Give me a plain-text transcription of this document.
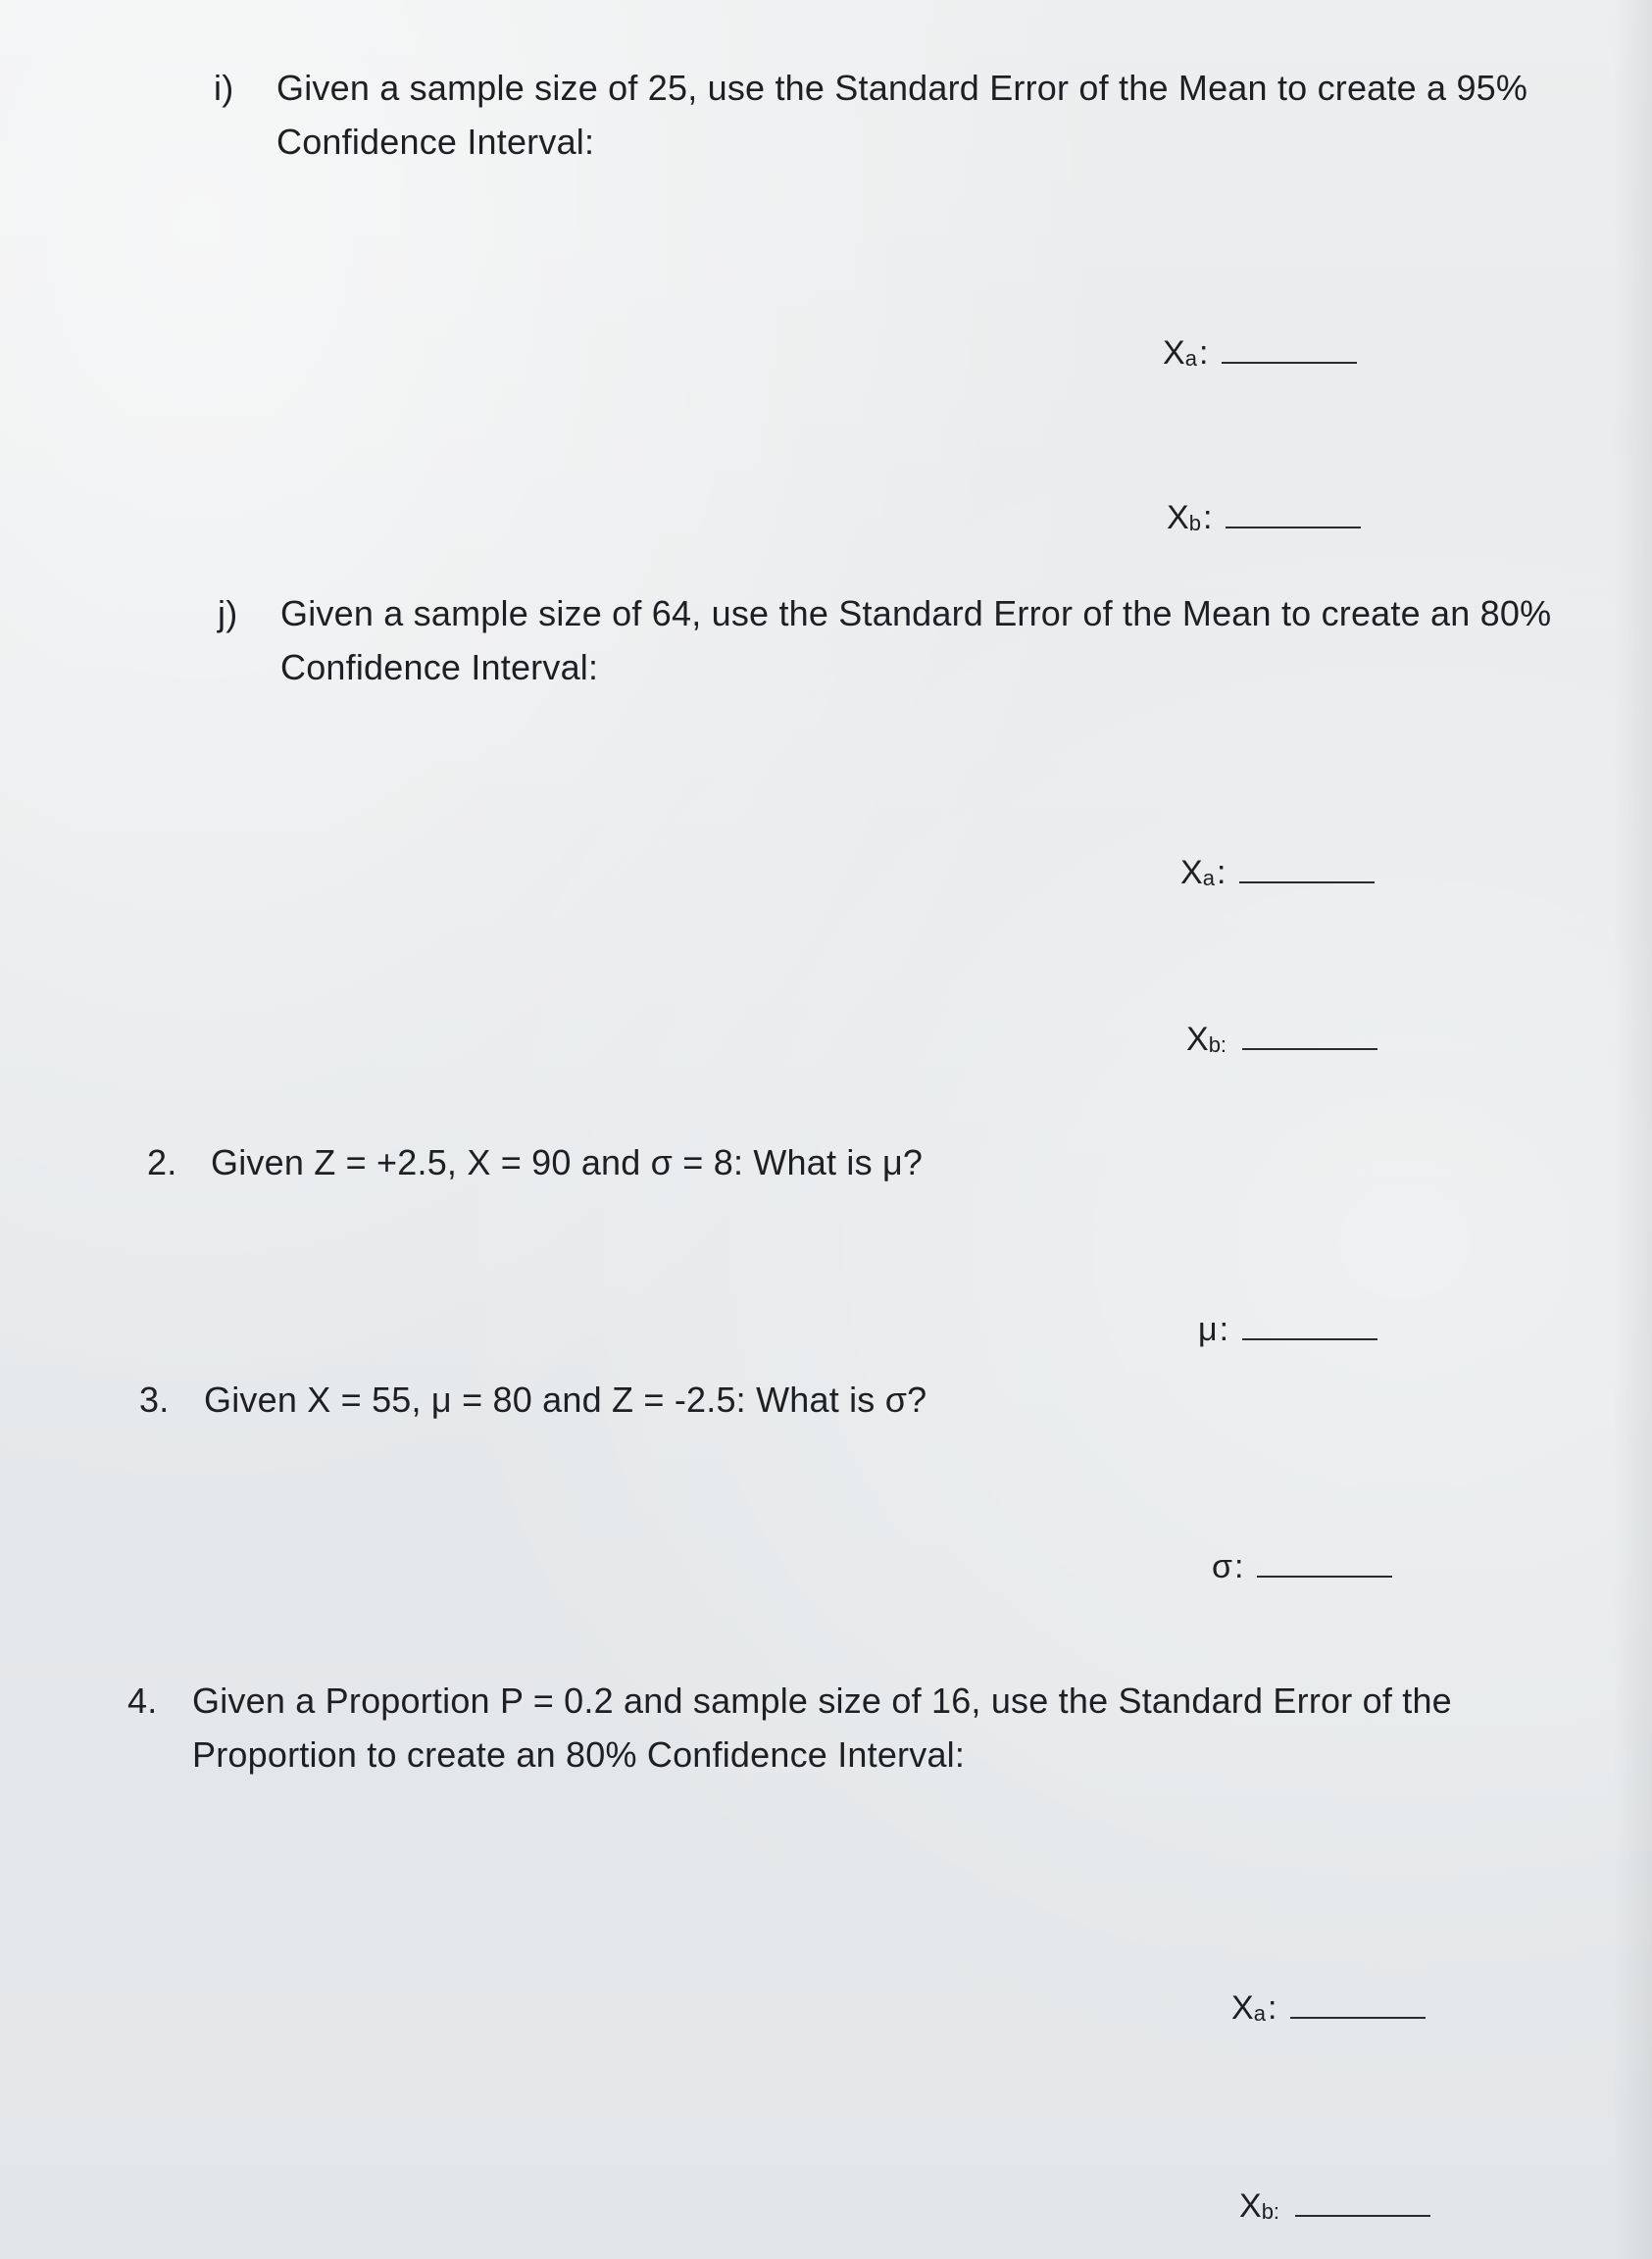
i) Given a sample size of 25, use the Standard Error of the Mean to create a 95% Confidence Interval:
$X_a$:
$X_b$:
j) Given a sample size of 64, use the Standard Error of the Mean to create an 80% Confidence Interval:
$X_a$:
$X_{b:}$
2. Given Z = +2.5, X = 90 and σ = 8: What is μ?
μ:
3. Given X = 55, μ = 80 and Z = -2.5: What is σ?
σ:
4. Given a Proportion P = 0.2 and sample size of 16, use the Standard Error of the Proportion to create an 80% Confidence Interval:
$X_a$:
$X_{b:}$
